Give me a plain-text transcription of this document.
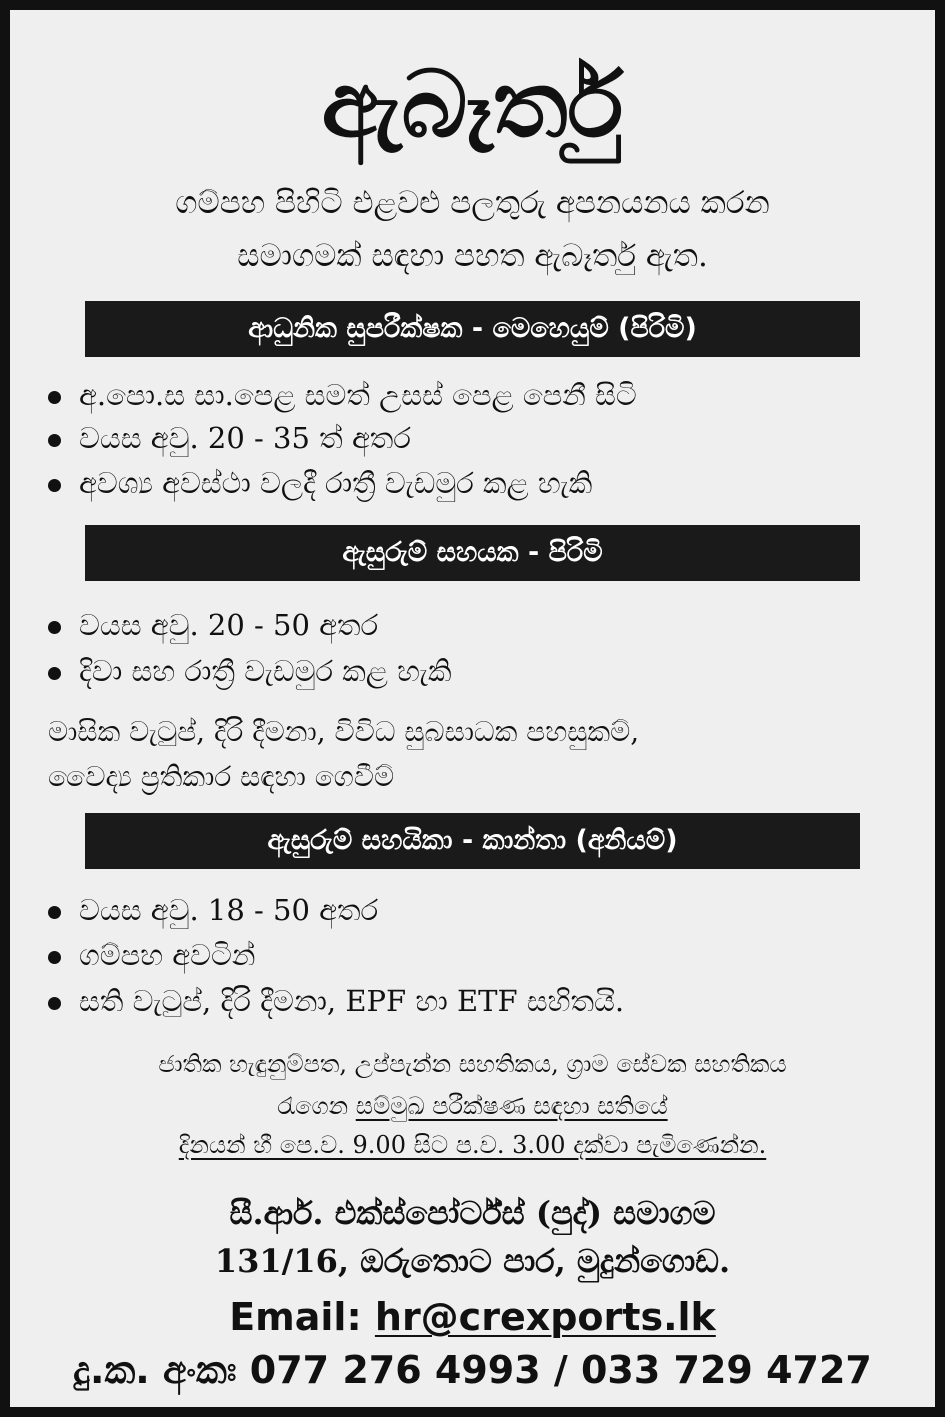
ඇබෑර්තු
ගම්පහ පිහිටි එළවළු පලතුරු අපනයනය කරන
සමාගමක් සඳහා පහත ඇබෑර්තු ඇත.
ආධුනික සුපරීක්ෂක - මෙහෙයුම් (පිරිමි)
අ.පො.ස සා.පෙළ සමත් උසස් පෙළ පෙනී සිටි
වයස අවු. 20 - 35 ත් අතර
අවශ්‍ය අවස්ථා වලදී රාත්‍රී වැඩමුර කළ හැකි
ඇසුරුම් සහයක - පිරිමි
වයස අවු. 20 - 50 අතර
දිවා සහ රාත්‍රී වැඩමුර කළ හැකි
මාසික වැටුප්, දිරි දීමනා, විවිධ සුබසාධක පහසුකම්,
වෛද්‍ය ප්‍රතිකාර සඳහා ගෙවීම්
ඇසුරුම් සහයිකා - කාන්තා (අනියම්)
වයස අවු. 18 - 50 අතර
ගම්පහ අවටින්
සති වැටුප්, දිරි දීමනා, EPF හා ETF සහිතයි.
ජාතික හැඳුනුම්පත, උප්පැන්න සහතිකය, ග්‍රාම සේවක සහතිකය
රැගෙන සම්මුඛ පරීක්ෂණ සඳහා සතියේ
දිනයන් හී පෙ.ව. 9.00 සිට ප.ව. 3.00 දක්වා පැමිණෙන්න.
සී.ආර්. එක්ස්පෝර්ට්ස් (පුද්) සමාගම
131/16, ඔරුතොට පාර, මුදුන්ගොඩ.
Email: hr@crexports.lk
දු.ක. අංකඃ 077 276 4993 / 033 729 4727
